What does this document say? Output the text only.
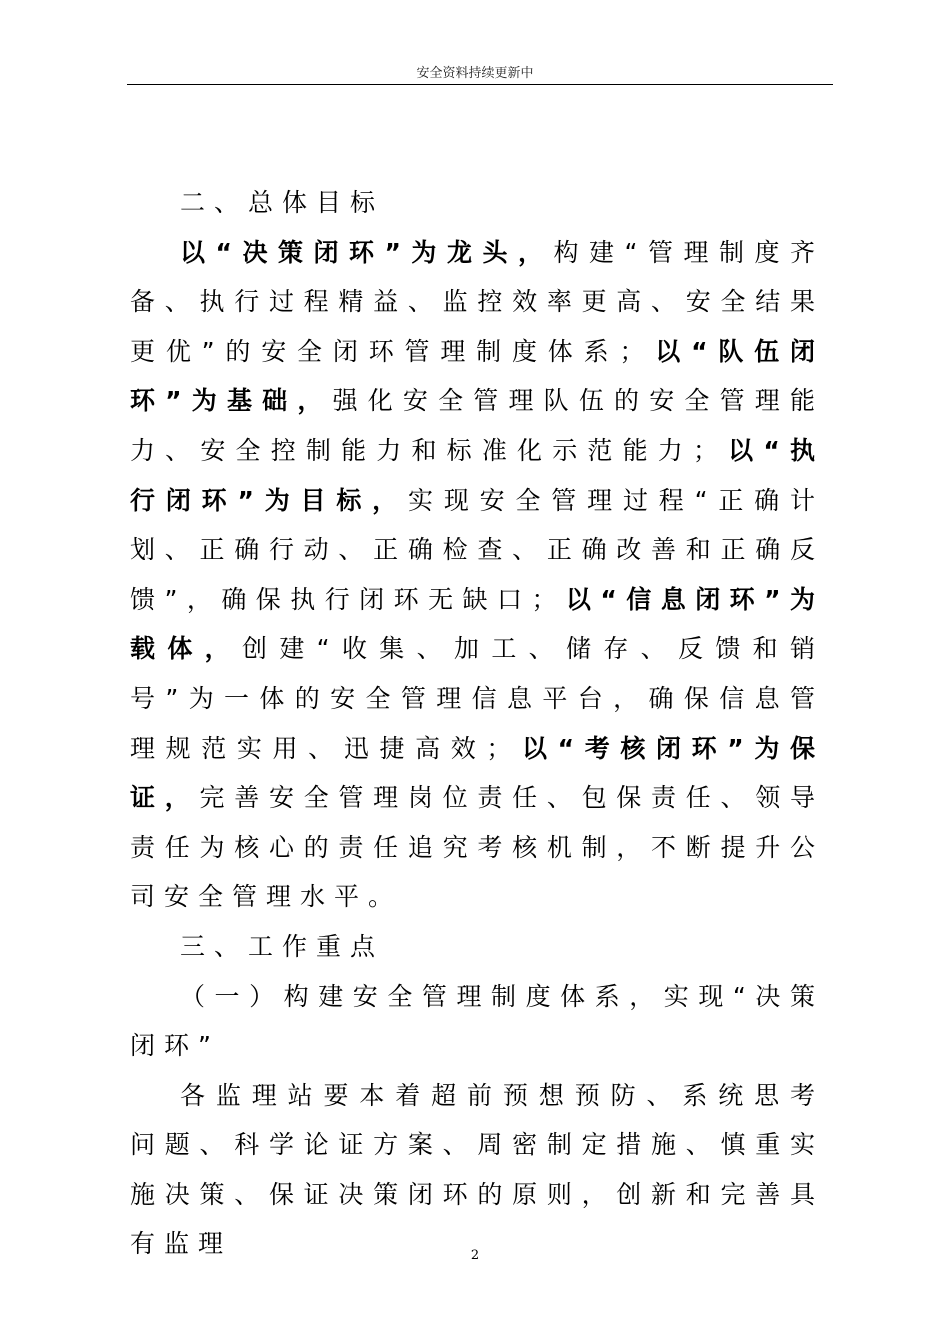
安全资料持续更新中

二、总体目标

以“决策闭环”为龙头，构建“管理制度齐备、执行过程精益、监控效率更高、安全结果更优”的安全闭环管理制度体系；以“队伍闭环”为基础，强化安全管理队伍的安全管理能力、安全控制能力和标准化示范能力；以“执行闭环”为目标，实现安全管理过程“正确计划、正确行动、正确检查、正确改善和正确反馈”，确保执行闭环无缺口；以“信息闭环”为载体，创建“收集、加工、储存、反馈和销号”为一体的安全管理信息平台，确保信息管理规范实用、迅捷高效；以“考核闭环”为保证，完善安全管理岗位责任、包保责任、领导责任为核心的责任追究考核机制，不断提升公司安全管理水平。

三、工作重点

（一）构建安全管理制度体系，实现“决策闭环”

各监理站要本着超前预想预防、系统思考问题、科学论证方案、周密制定措施、慎重实施决策、保证决策闭环的原则，创新和完善具有监理	2
